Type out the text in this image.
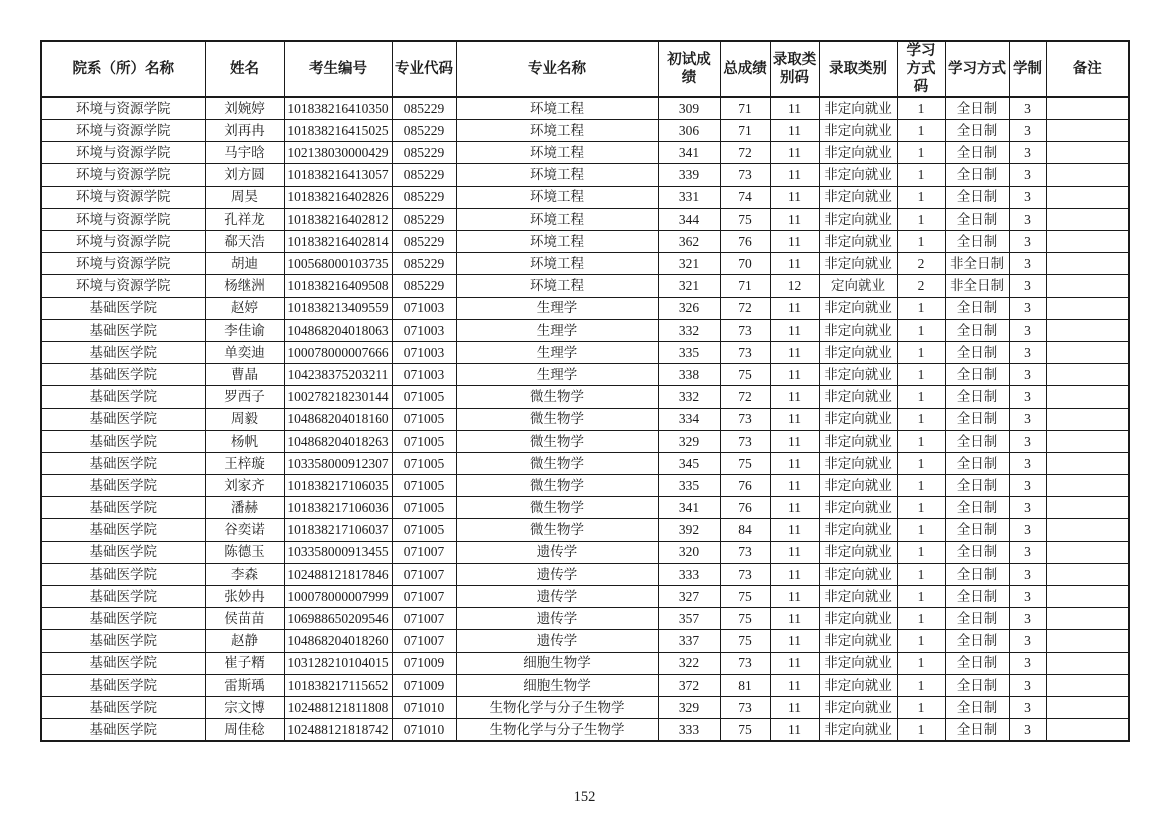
院系（所）名称	姓名	考生编号	专业代码	专业名称	初试成绩	总成绩	录取类别码	录取类别	学习方式码	学习方式	学制	备注
环境与资源学院	刘婉婷	101838216410350	085229	环境工程	309	71	11	非定向就业	1	全日制	3	
环境与资源学院	刘再冉	101838216415025	085229	环境工程	306	71	11	非定向就业	1	全日制	3	
环境与资源学院	马宇晗	102138030000429	085229	环境工程	341	72	11	非定向就业	1	全日制	3	
环境与资源学院	刘方圆	101838216413057	085229	环境工程	339	73	11	非定向就业	1	全日制	3	
环境与资源学院	周昊	101838216402826	085229	环境工程	331	74	11	非定向就业	1	全日制	3	
环境与资源学院	孔祥龙	101838216402812	085229	环境工程	344	75	11	非定向就业	1	全日制	3	
环境与资源学院	郗天浩	101838216402814	085229	环境工程	362	76	11	非定向就业	1	全日制	3	
环境与资源学院	胡迪	100568000103735	085229	环境工程	321	70	11	非定向就业	2	非全日制	3	
环境与资源学院	杨继洲	101838216409508	085229	环境工程	321	71	12	定向就业	2	非全日制	3	
基础医学院	赵婷	101838213409559	071003	生理学	326	72	11	非定向就业	1	全日制	3	
基础医学院	李佳谕	104868204018063	071003	生理学	332	73	11	非定向就业	1	全日制	3	
基础医学院	单奕迪	100078000007666	071003	生理学	335	73	11	非定向就业	1	全日制	3	
基础医学院	曹晶	104238375203211	071003	生理学	338	75	11	非定向就业	1	全日制	3	
基础医学院	罗西子	100278218230144	071005	微生物学	332	72	11	非定向就业	1	全日制	3	
基础医学院	周毅	104868204018160	071005	微生物学	334	73	11	非定向就业	1	全日制	3	
基础医学院	杨帆	104868204018263	071005	微生物学	329	73	11	非定向就业	1	全日制	3	
基础医学院	王梓璇	103358000912307	071005	微生物学	345	75	11	非定向就业	1	全日制	3	
基础医学院	刘家齐	101838217106035	071005	微生物学	335	76	11	非定向就业	1	全日制	3	
基础医学院	潘赫	101838217106036	071005	微生物学	341	76	11	非定向就业	1	全日制	3	
基础医学院	谷奕诺	101838217106037	071005	微生物学	392	84	11	非定向就业	1	全日制	3	
基础医学院	陈德玉	103358000913455	071007	遗传学	320	73	11	非定向就业	1	全日制	3	
基础医学院	李森	102488121817846	071007	遗传学	333	73	11	非定向就业	1	全日制	3	
基础医学院	张妙冉	100078000007999	071007	遗传学	327	75	11	非定向就业	1	全日制	3	
基础医学院	侯苗苗	106988650209546	071007	遗传学	357	75	11	非定向就业	1	全日制	3	
基础医学院	赵静	104868204018260	071007	遗传学	337	75	11	非定向就业	1	全日制	3	
基础医学院	崔子糈	103128210104015	071009	细胞生物学	322	73	11	非定向就业	1	全日制	3	
基础医学院	雷斯瑀	101838217115652	071009	细胞生物学	372	81	11	非定向就业	1	全日制	3	
基础医学院	宗文博	102488121811808	071010	生物化学与分子生物学	329	73	11	非定向就业	1	全日制	3	
基础医学院	周佳稔	102488121818742	071010	生物化学与分子生物学	333	75	11	非定向就业	1	全日制	3	
152
